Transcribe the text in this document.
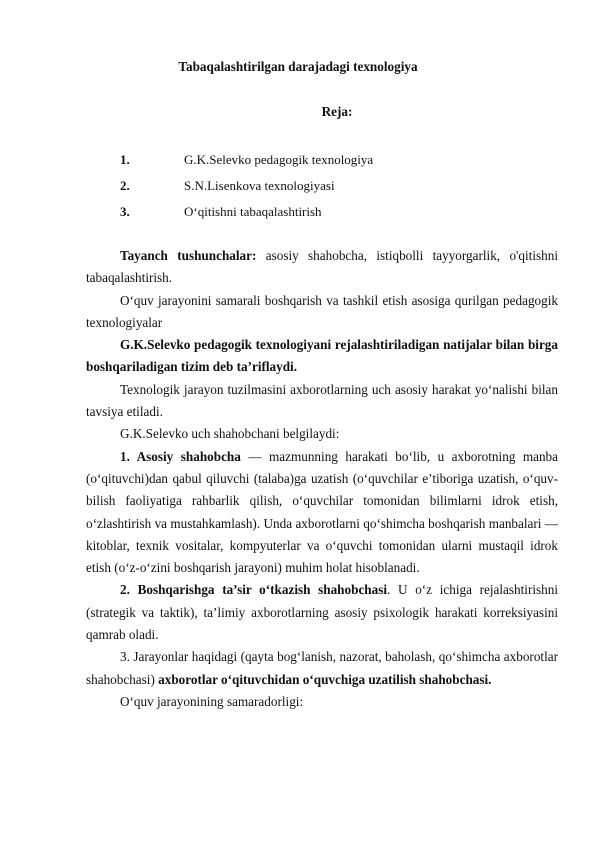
Tabaqalashtirilgan darajadagi texnologiya
Reja:
1.	G.K.Selevko pedagogik texnologiya
2.	S.N.Lisenkova texnologiyasi
3.	O‘qitishni tabaqalashtirish

Tayanch tushunchalar: asosiy shahobcha, istiqbolli tayyorgarlik, o'qitishni tabaqalashtirish.

O‘quv jarayonini samarali boshqarish va tashkil etish asosiga qurilgan pedagogik texnologiyalar

G.K.Selevko pedagogik texnologiyani rejalashtiriladigan natijalar bilan birga boshqariladigan tizim deb ta’riflaydi.

Texnologik jarayon tuzilmasini axborotlarning uch asosiy harakat yo‘nalishi bilan tavsiya etiladi.

G.K.Selevko uch shahobchani belgilaydi:

1. Asosiy shahobcha — mazmunning harakati bo‘lib, u axborotning manba (o‘qituvchi)dan qabul qiluvchi (talaba)ga uzatish (o‘quvchilar e’tiboriga uzatish, o‘quv-bilish faoliyatiga rahbarlik qilish, o‘quvchilar tomonidan bilimlarni idrok etish, o‘zlashtirish va mustahkamlash). Unda axborotlarni qo‘shimcha boshqarish manbalari — kitoblar, texnik vositalar, kompyuterlar va o‘quvchi tomonidan ularni mustaqil idrok etish (o‘z-o‘zini boshqarish jarayoni) muhim holat hisoblanadi.

2. Boshqarishga ta’sir o‘tkazish shahobchasi. U o‘z ichiga rejalashtirishni (strategik va taktik), ta’limiy axborotlarning asosiy psixologik harakati korreksiyasini qamrab oladi.

3. Jarayonlar haqidagi (qayta bog‘lanish, nazorat, baholash, qo‘shimcha axborotlar shahobchasi) axborotlar o‘qituvchidan o‘quvchiga uzatilish shahobchasi.

O‘quv jarayonining samaradorligi:
